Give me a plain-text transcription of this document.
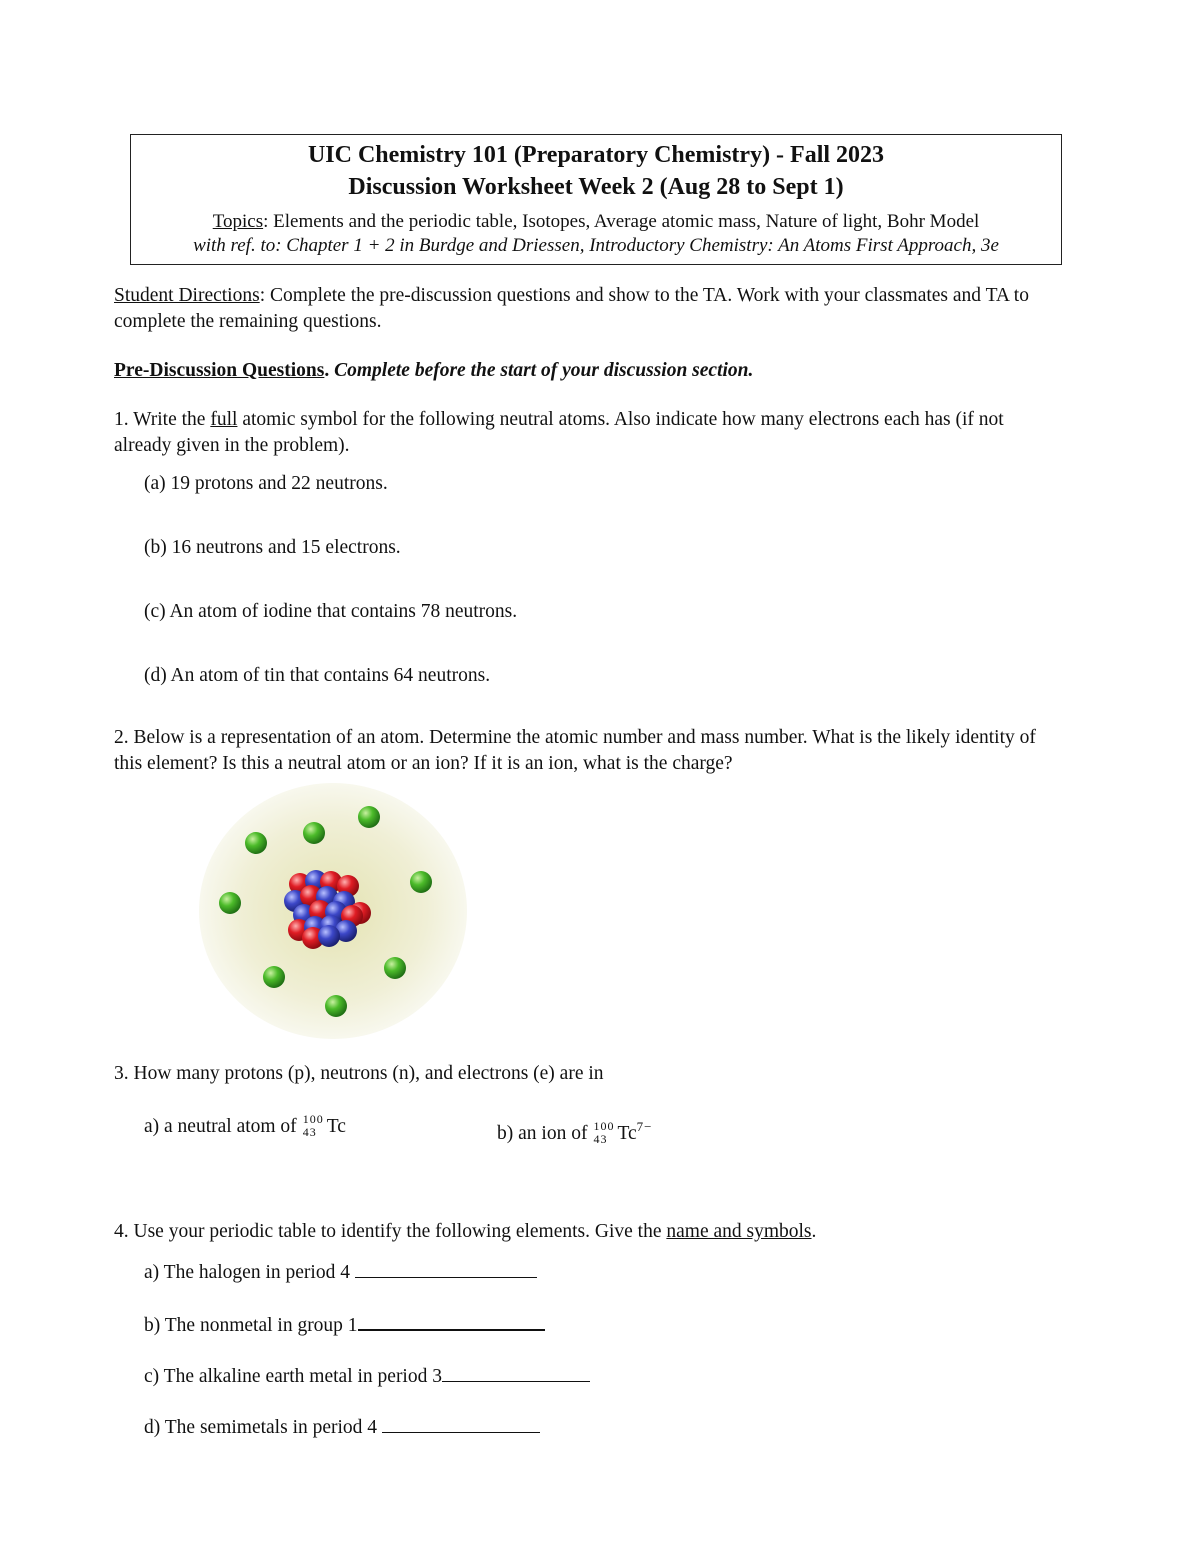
UIC Chemistry 101 (Preparatory Chemistry) - Fall 2023
Discussion Worksheet Week 2 (Aug 28 to Sept 1)
Topics: Elements and the periodic table, Isotopes, Average atomic mass, Nature of light, Bohr Model
with ref. to: Chapter 1 + 2 in Burdge and Driessen, Introductory Chemistry: An Atoms First Approach, 3e
Student Directions: Complete the pre-discussion questions and show to the TA. Work with your classmates and TA to complete the remaining questions.
Pre-Discussion Questions. Complete before the start of your discussion section.
1. Write the full atomic symbol for the following neutral atoms. Also indicate how many electrons each has (if not already given in the problem).
(a) 19 protons and 22 neutrons.
(b) 16 neutrons and 15 electrons.
(c) An atom of iodine that contains 78 neutrons.
(d) An atom of tin that contains 64 neutrons.
2. Below is a representation of an atom. Determine the atomic number and mass number. What is the likely identity of this element? Is this a neutral atom or an ion? If it is an ion, what is the charge?
3. How many protons (p), neutrons (n), and electrons (e) are in
a) a neutral atom of 100
43 Tc	b) an ion of 100
43 $Tc^{7-}$
4. Use your periodic table to identify the following elements. Give the name and symbols.
a) The halogen in period 4
b) The nonmetal in group 1
c) The alkaline earth metal in period 3
d) The semimetals in period 4
